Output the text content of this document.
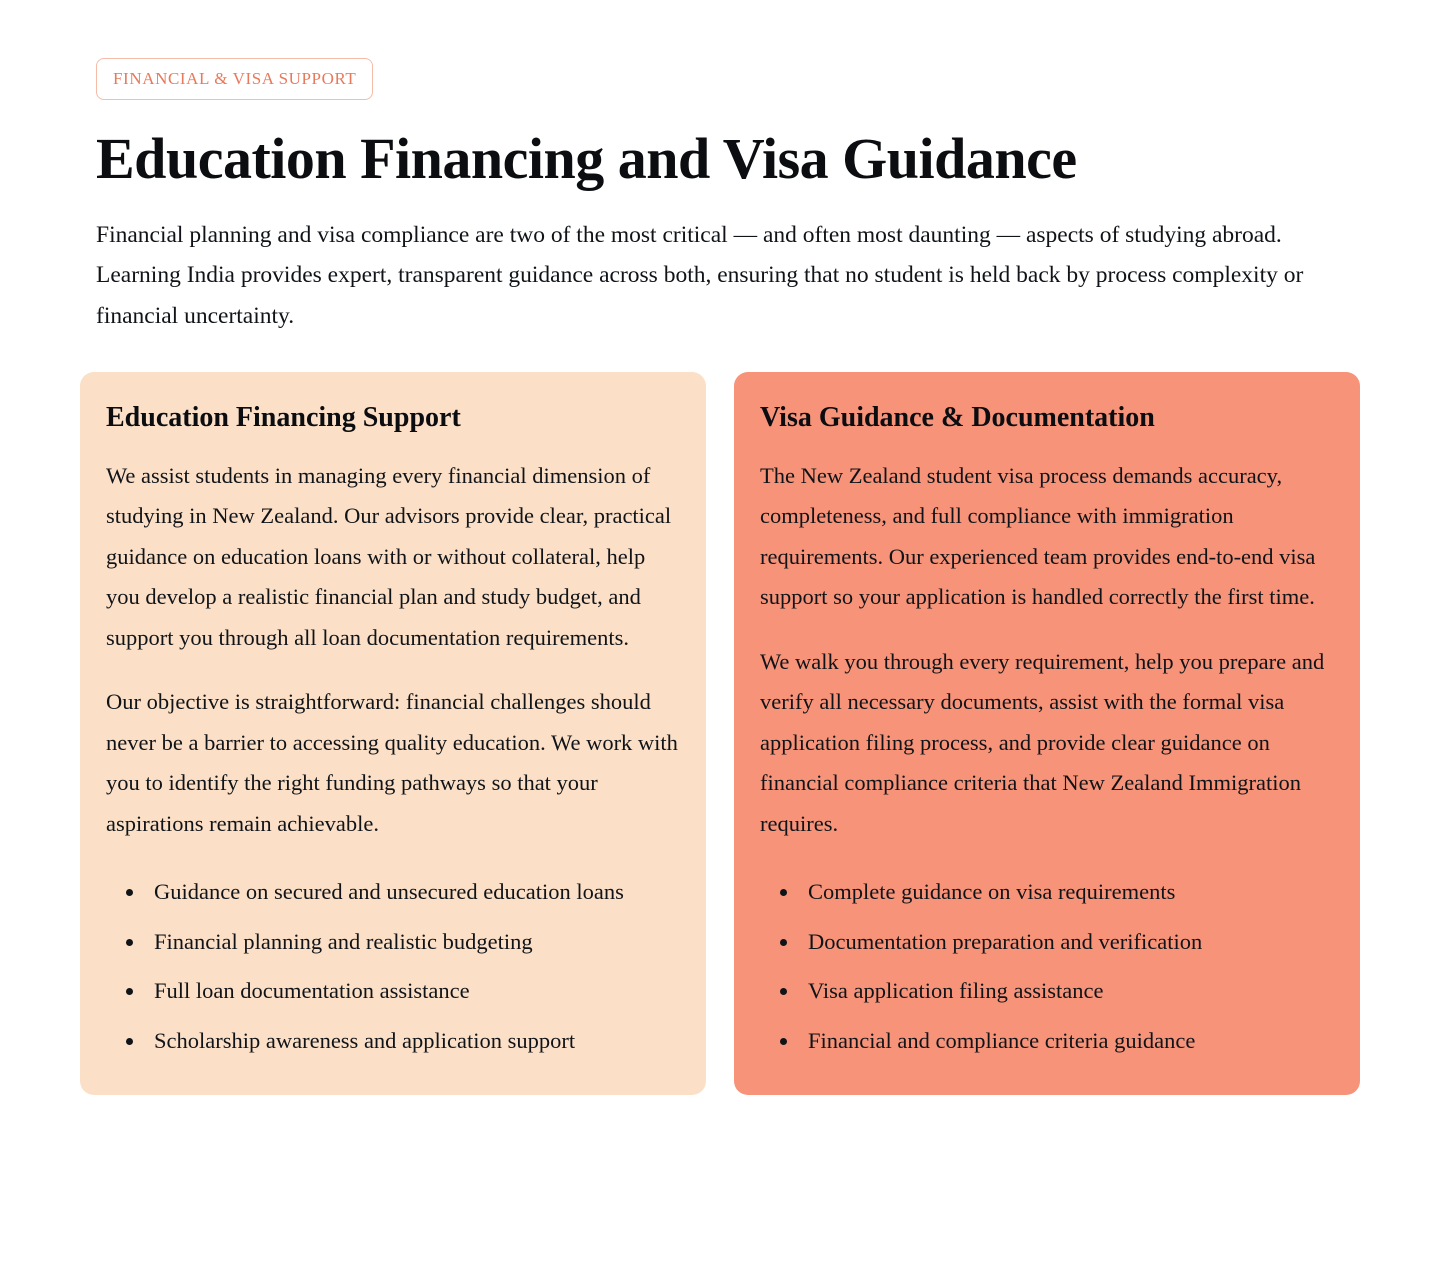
FINANCIAL & VISA SUPPORT
Education Financing and Visa Guidance

Financial planning and visa compliance are two of the most critical — and often most daunting — aspects of studying abroad. Learning India provides expert, transparent guidance across both, ensuring that no student is held back by process complexity or financial uncertainty.

Education Financing Support

We assist students in managing every financial dimension of studying in New Zealand. Our advisors provide clear, practical guidance on education loans with or without collateral, help you develop a realistic financial plan and study budget, and support you through all loan documentation requirements.

Our objective is straightforward: financial challenges should never be a barrier to accessing quality education. We work with you to identify the right funding pathways so that your aspirations remain achievable.

• Guidance on secured and unsecured education loans
• Financial planning and realistic budgeting
• Full loan documentation assistance
• Scholarship awareness and application support
Visa Guidance & Documentation

The New Zealand student visa process demands accuracy, completeness, and full compliance with immigration requirements. Our experienced team provides end-to-end visa support so your application is handled correctly the first time.

We walk you through every requirement, help you prepare and verify all necessary documents, assist with the formal visa application filing process, and provide clear guidance on financial compliance criteria that New Zealand Immigration requires.

• Complete guidance on visa requirements
• Documentation preparation and verification
• Visa application filing assistance
• Financial and compliance criteria guidance
